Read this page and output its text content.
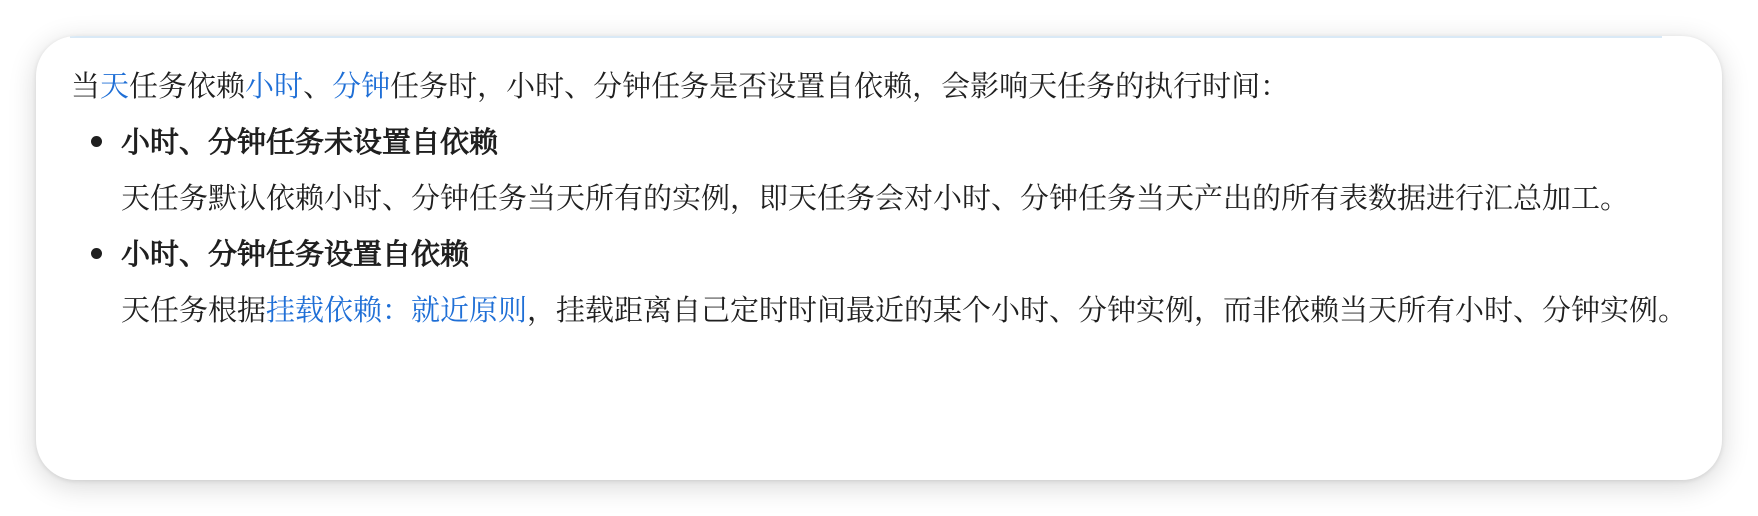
当天任务依赖小时、分钟任务时，小时、分钟任务是否设置自依赖，会影响天任务的执行时间：

小时、分钟任务未设置自依赖
天任务默认依赖小时、分钟任务当天所有的实例，即天任务会对小时、分钟任务当天产出的所有表数据进行汇总加工。
小时、分钟任务设置自依赖
天任务根据挂载依赖：就近原则，挂载距离自己定时时间最近的某个小时、分钟实例，而非依赖当天所有小时、分钟实例。
